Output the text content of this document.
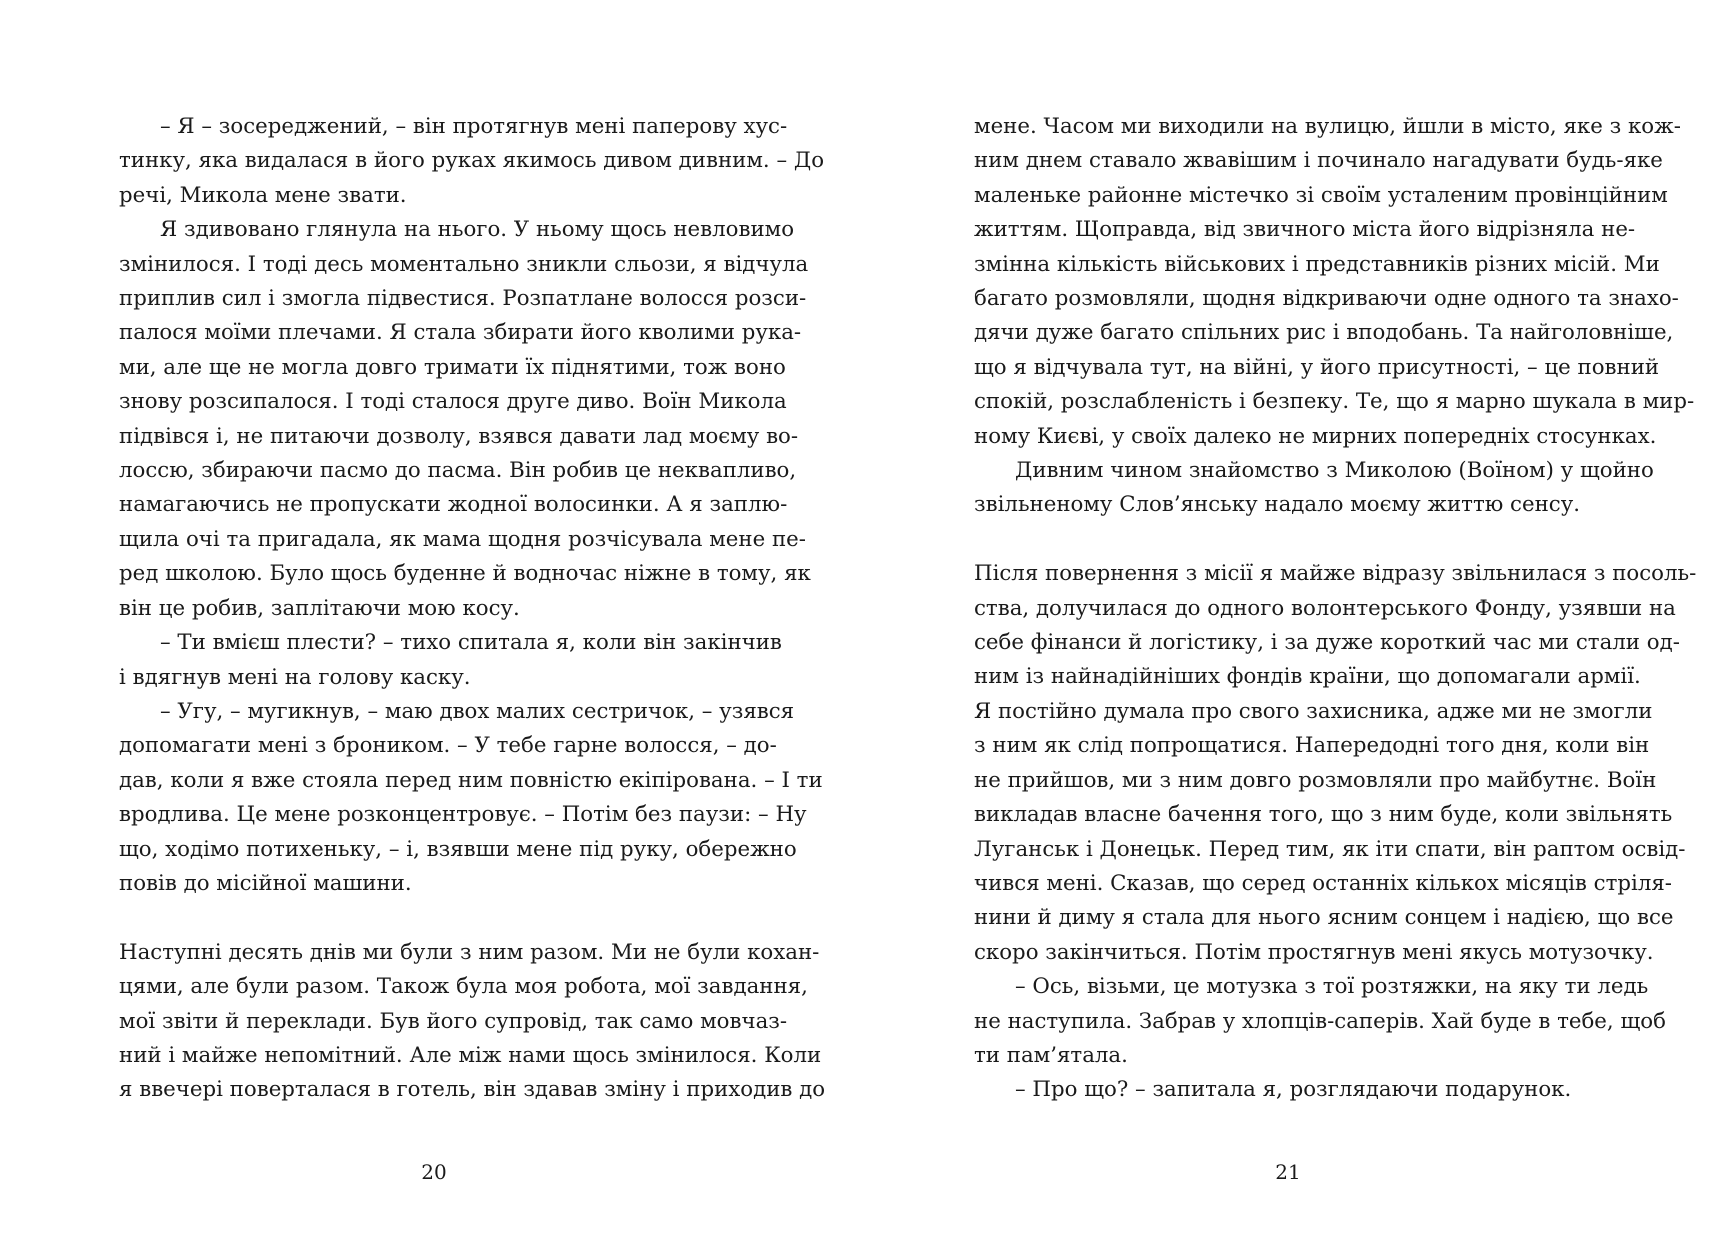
– Я – зосереджений, – він протягнув мені паперову хус-
тинку, яка видалася в його руках якимось дивом дивним. – До
речі, Микола мене звати.
Я здивовано глянула на нього. У ньому щось невловимо
змінилося. І тоді десь моментально зникли сльози, я відчула
приплив сил і змогла підвестися. Розпатлане волосся розси-
палося моїми плечами. Я стала збирати його кволими рука-
ми, але ще не могла довго тримати їх піднятими, тож воно
знову розсипалося. І тоді сталося друге диво. Воїн Микола
підвівся і, не питаючи дозволу, взявся давати лад моєму во-
лоссю, збираючи пасмо до пасма. Він робив це неквапливо,
намагаючись не пропускати жодної волосинки. А я заплю-
щила очі та пригадала, як мама щодня розчісувала мене пе-
ред школою. Було щось буденне й водночас ніжне в тому, як
він це робив, заплітаючи мою косу.
– Ти вмієш плести? – тихо спитала я, коли він закінчив
і вдягнув мені на голову каску.
– Угу, – мугикнув, – маю двох малих сестричок, – узявся
допомагати мені з броником. – У тебе гарне волосся, – до-
дав, коли я вже стояла перед ним повністю екіпірована. – І ти
вродлива. Це мене розконцентровує. – Потім без паузи: – Ну
що, ходімо потихеньку, – і, взявши мене під руку, обережно
повів до місійної машини.
Наступні десять днів ми були з ним разом. Ми не були кохан-
цями, але були разом. Також була моя робота, мої завдання,
мої звіти й переклади. Був його супровід, так само мовчаз-
ний і майже непомітний. Але між нами щось змінилося. Коли
я ввечері поверталася в готель, він здавав зміну і приходив до
20
мене. Часом ми виходили на вулицю, йшли в місто, яке з кож-
ним днем ставало жвавішим і починало нагадувати будь-яке
маленьке районне містечко зі своїм усталеним провінційним
життям. Щоправда, від звичного міста його відрізняла не-
змінна кількість військових і представників різних місій. Ми
багато розмовляли, щодня відкриваючи одне одного та знахо-
дячи дуже багато спільних рис і вподобань. Та найголовніше,
що я відчувала тут, на війні, у його присутності, – це повний
спокій, розслабленість і безпеку. Те, що я марно шукала в мир-
ному Києві, у своїх далеко не мирних попередніх стосунках.
Дивним чином знайомство з Миколою (Воїном) у щойно
звільненому Слов’янську надало моєму життю сенсу.
Після повернення з місії я майже відразу звільнилася з посоль-
ства, долучилася до одного волонтерського Фонду, узявши на
себе фінанси й логістику, і за дуже короткий час ми стали од-
ним із найнадійніших фондів країни, що допомагали армії.
Я постійно думала про свого захисника, адже ми не змогли
з ним як слід попрощатися. Напередодні того дня, коли він
не прийшов, ми з ним довго розмовляли про майбутнє. Воїн
викладав власне бачення того, що з ним буде, коли звільнять
Луганськ і Донецьк. Перед тим, як іти спати, він раптом освід-
чився мені. Сказав, що серед останніх кількох місяців стріля-
нини й диму я стала для нього ясним сонцем і надією, що все
скоро закінчиться. Потім простягнув мені якусь мотузочку.
– Ось, візьми, це мотузка з тої розтяжки, на яку ти ледь
не наступила. Забрав у хлопців-саперів. Хай буде в тебе, щоб
ти пам’ятала.
– Про що? – запитала я, розглядаючи подарунок.
21
